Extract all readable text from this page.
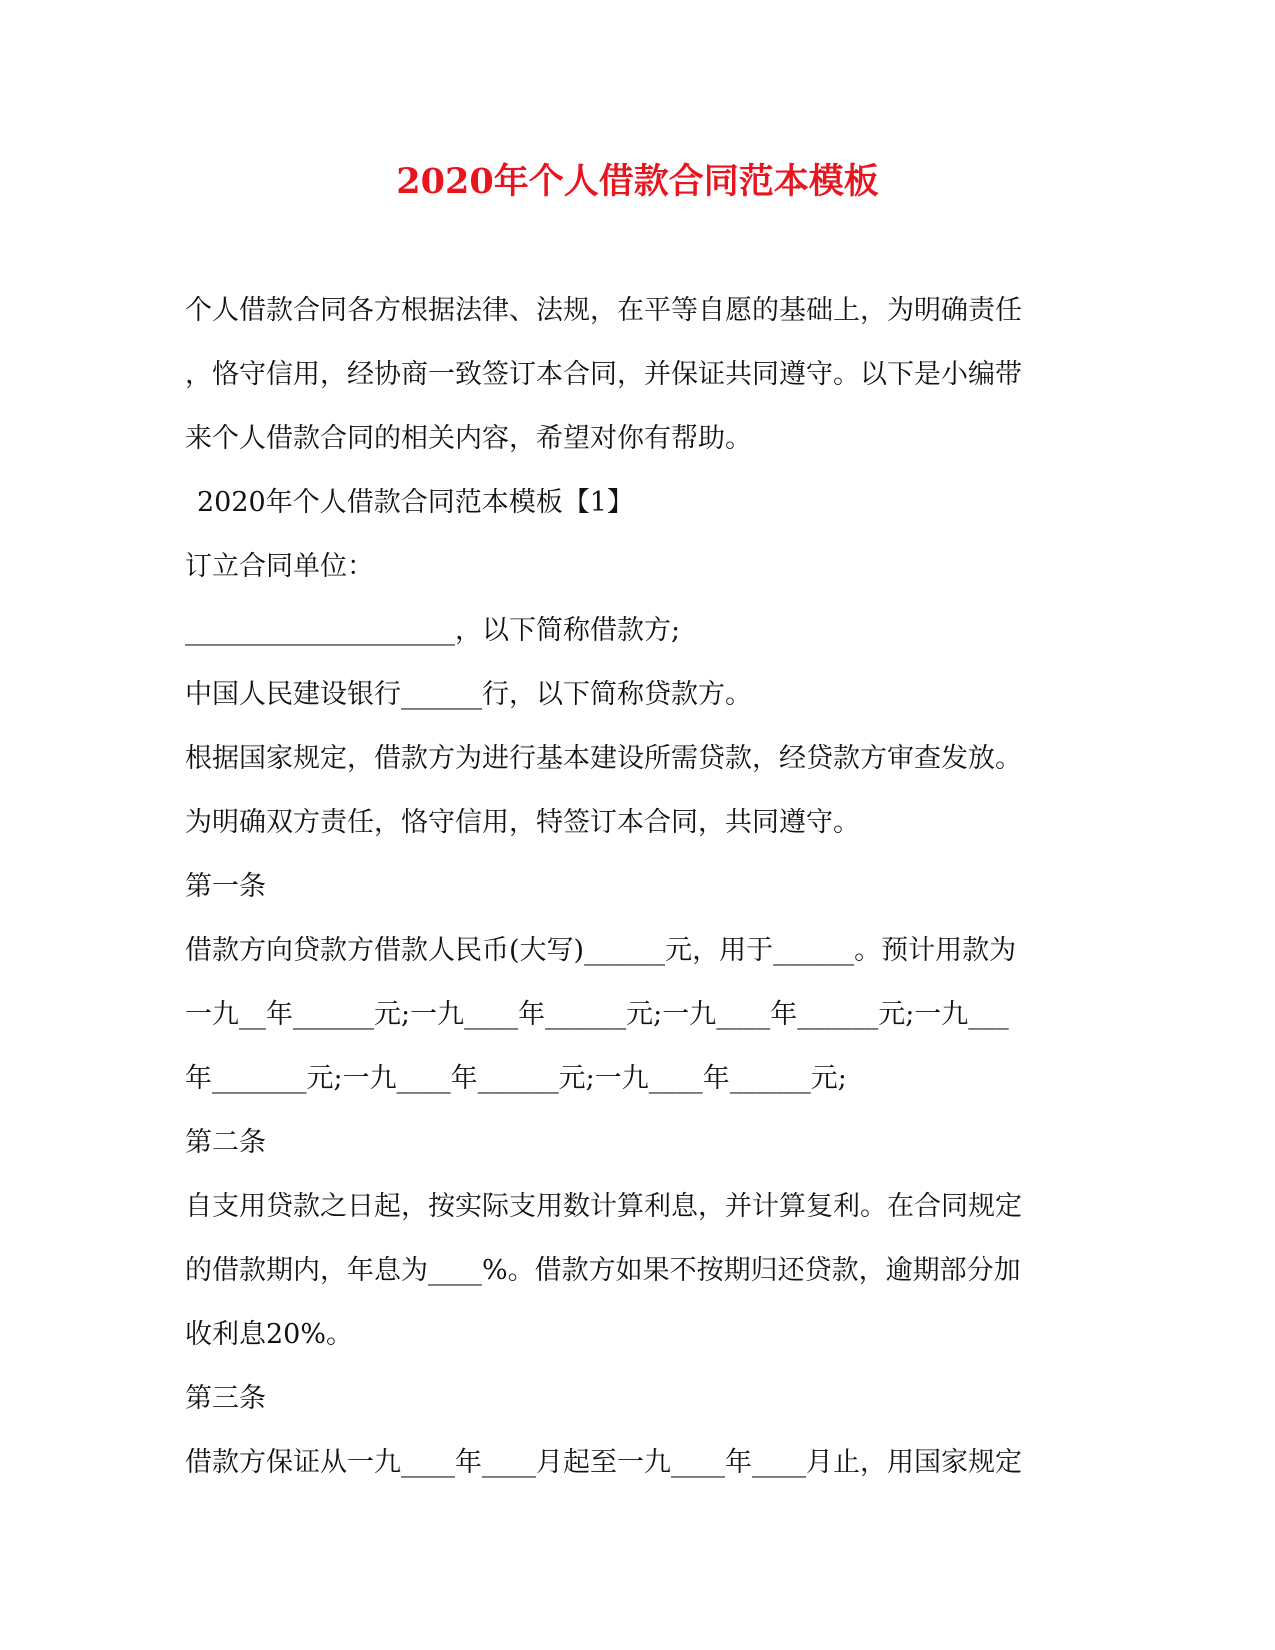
2020年个人借款合同范本模板
个人借款合同各方根据法律、法规，在平等自愿的基础上，为明确责任
，恪守信用，经协商一致签订本合同，并保证共同遵守。以下是小编带
来个人借款合同的相关内容，希望对你有帮助。
2020年个人借款合同范本模板【1】
订立合同单位：
____________________，以下简称借款方;
中国人民建设银行______行，以下简称贷款方。
根据国家规定，借款方为进行基本建设所需贷款，经贷款方审查发放。
为明确双方责任，恪守信用，特签订本合同，共同遵守。
第一条
借款方向贷款方借款人民币(大写)______元，用于______。预计用款为
一九__年______元;一九____年______元;一九____年______元;一九___
年_______元;一九____年______元;一九____年______元;
第二条
自支用贷款之日起，按实际支用数计算利息，并计算复利。在合同规定
的借款期内，年息为____%。借款方如果不按期归还贷款，逾期部分加
收利息20%。
第三条
借款方保证从一九____年____月起至一九____年____月止，用国家规定
